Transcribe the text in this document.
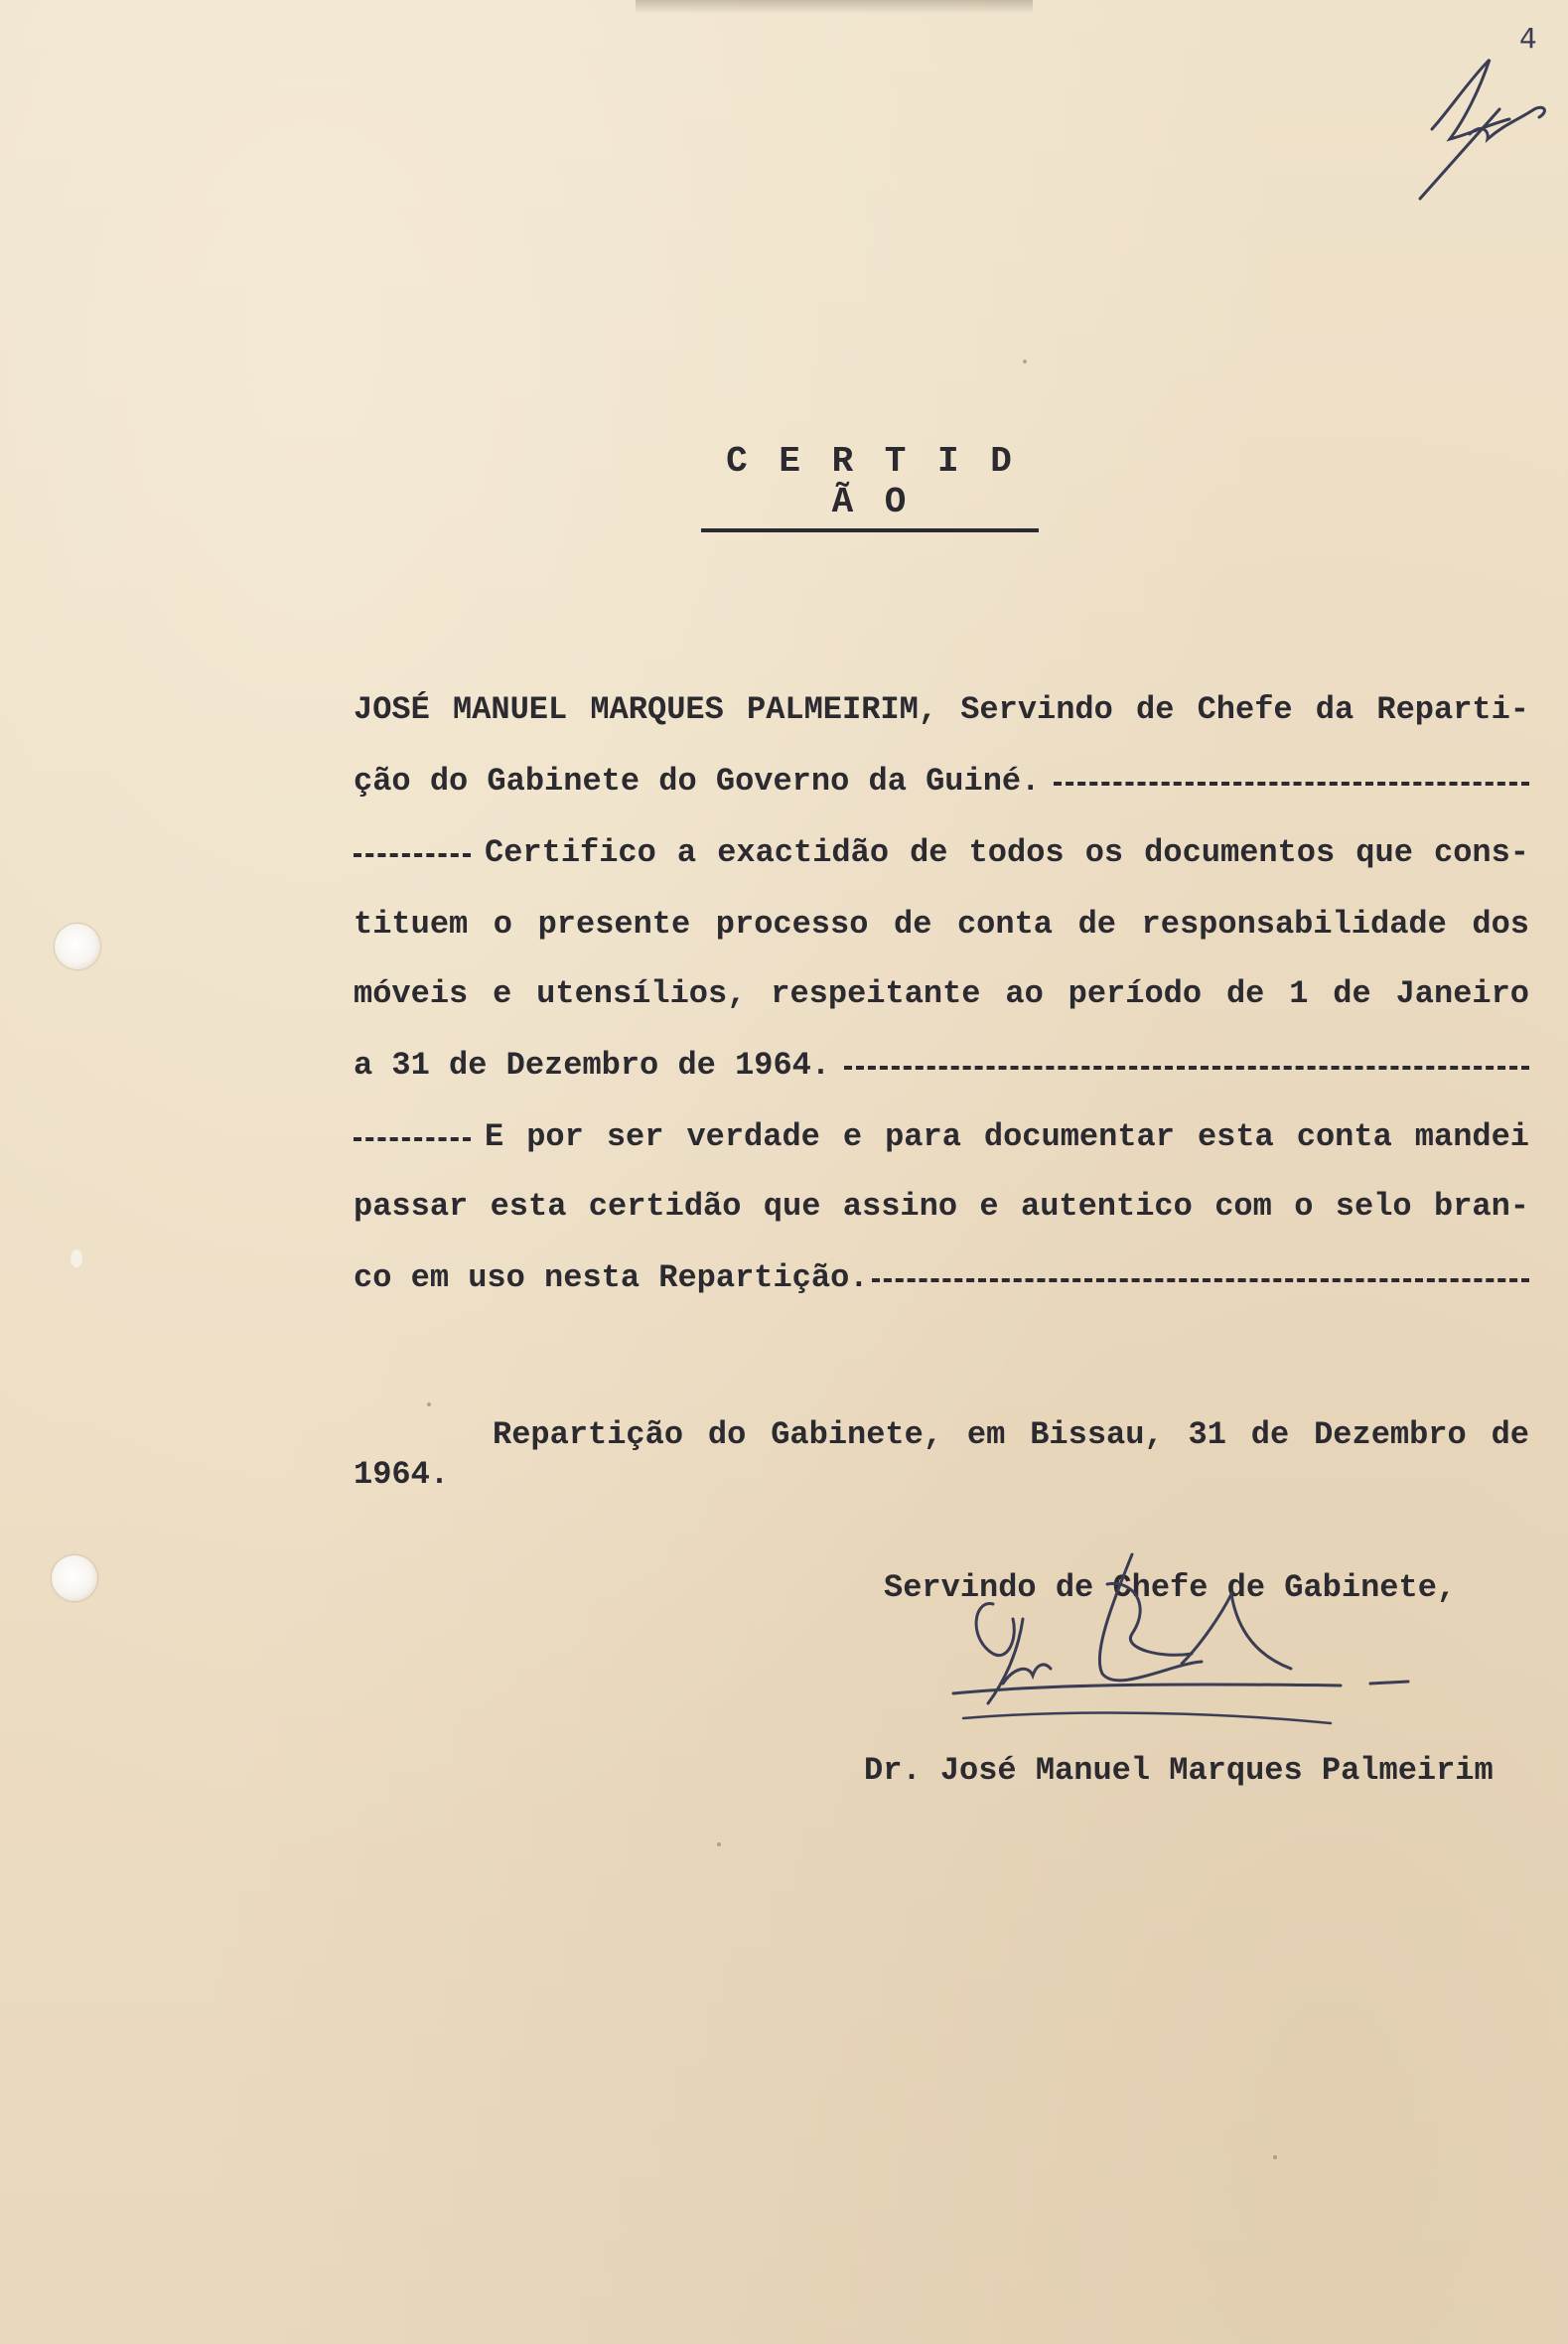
4
C E R T I D Ã O

JOSÉ MANUEL MARQUES PALMEIRIM, Servindo de Chefe da Reparti-

ção do Gabinete do Governo da Guiné.
Certifico a exactidão de todos os documentos que cons-

tituem o presente processo de conta de responsabilidade dos

móveis e utensílios, respeitante ao período de 1 de Janeiro

a 31 de Dezembro de 1964.
E por ser verdade e para documentar esta conta mandei

passar esta certidão que assino e autentico com o selo bran-

co em uso nesta Repartição.

Repartição do Gabinete, em Bissau, 31 de Dezembro de

1964.

Servindo de Chefe de Gabinete,

Dr. José Manuel Marques Palmeirim
